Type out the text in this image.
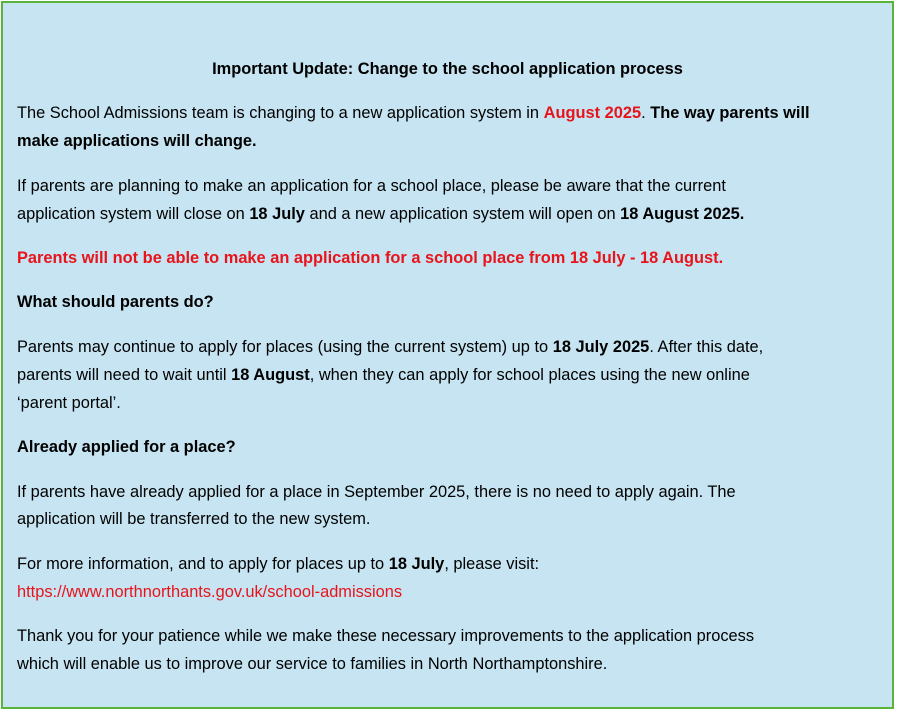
Important Update: Change to the school application process
The School Admissions team is changing to a new application system in August 2025. The way parents will
make applications will change.
If parents are planning to make an application for a school place, please be aware that the current
application system will close on 18 July and a new application system will open on 18 August 2025.
Parents will not be able to make an application for a school place from 18 July - 18 August.
What should parents do?
Parents may continue to apply for places (using the current system) up to 18 July 2025. After this date,
parents will need to wait until 18 August, when they can apply for school places using the new online
‘parent portal’.
Already applied for a place?
If parents have already applied for a place in September 2025, there is no need to apply again. The
application will be transferred to the new system.
For more information, and to apply for places up to 18 July, please visit:
https://www.northnorthants.gov.uk/school-admissions
Thank you for your patience while we make these necessary improvements to the application process
which will enable us to improve our service to families in North Northamptonshire.
